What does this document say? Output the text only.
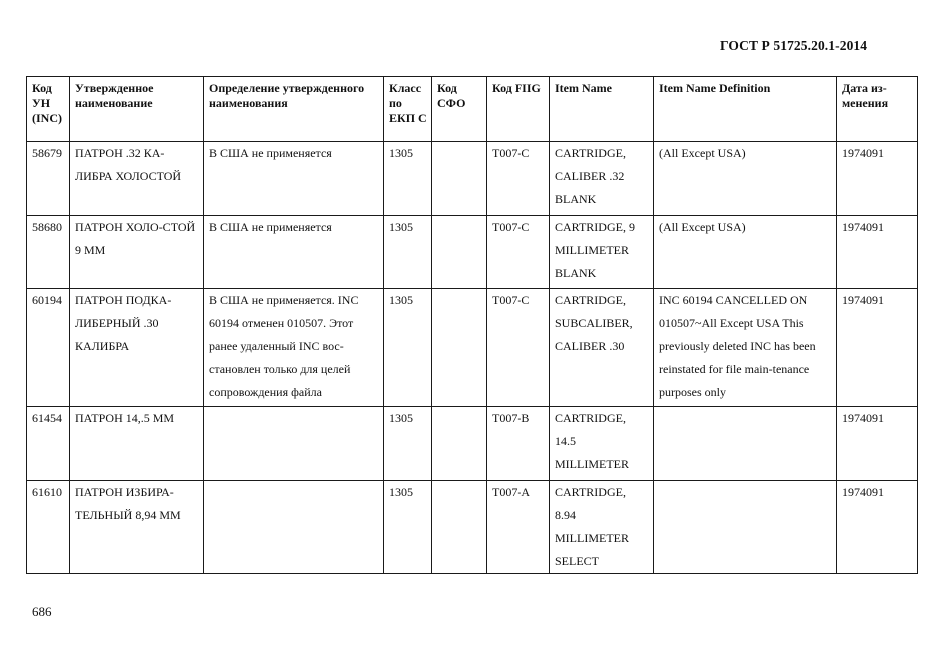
ГОСТ Р 51725.20.1-2014
Код УН (INC)	Утвержденное наименование	Определение утвержденного наименования	Класс по ЕКП С	Код СФО	Код FIIG	Item Name	Item Name Definition	Дата из-менения

58679	ПАТРОН .32 КА-ЛИБРА ХОЛОСТОЙ	В США не применяется	1305		T007-C	CARTRIDGE, CALIBER .32 BLANK	(All Except USA)	1974091

58680	ПАТРОН ХОЛО-СТОЙ 9 ММ	В США не применяется	1305		T007-C	CARTRIDGE, 9 MILLIMETER BLANK	(All Except USA)	1974091

60194	ПАТРОН ПОДКА-ЛИБЕРНЫЙ .30 КАЛИБРА	В США не применяется. INC 60194 отменен 010507. Этот ранее удаленный INC вос-становлен только для целей сопровождения файла	1305		T007-C	CARTRIDGE, SUBCALIBER, CALIBER .30	INC 60194 CANCELLED ON 010507~All Except USA This previously deleted INC has been reinstated for file main-tenance purposes only	1974091

61454	ПАТРОН 14,.5 ММ		1305		T007-B	CARTRIDGE, 14.5 MILLIMETER		1974091

61610	ПАТРОН ИЗБИРА-ТЕЛЬНЫЙ 8,94 ММ		1305		T007-A	CARTRIDGE, 8.94 MILLIMETER SELECT		1974091
686
